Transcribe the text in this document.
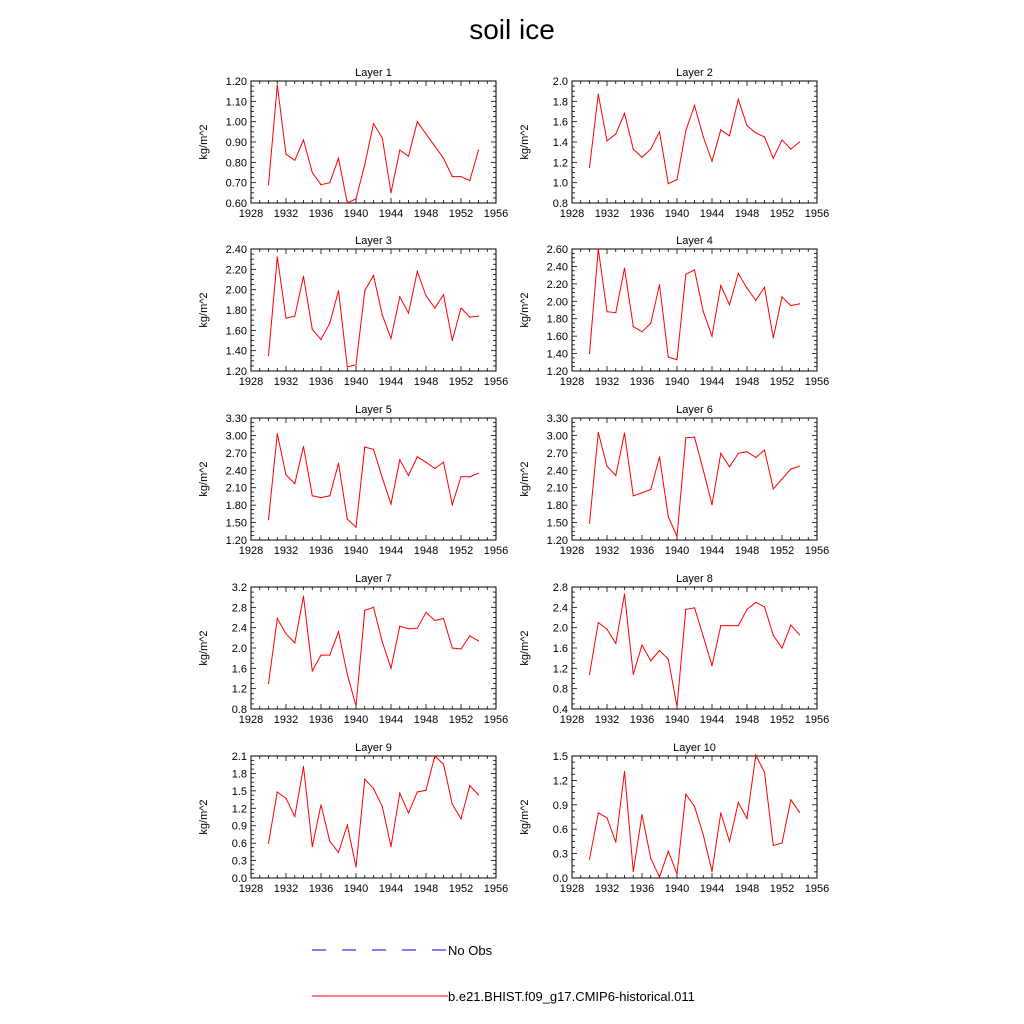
soil ice
Layer 1
kg/m^2
1928 1932 1936 1940 1944 1948 1952 1956
0.60
0.70
0.80
0.90
1.00
1.10
1.20
Layer 2
kg/m^2
1928 1932 1936 1940 1944 1948 1952 1956
0.8
1.0
1.2
1.4
1.6
1.8
2.0
Layer 3
kg/m^2
1928 1932 1936 1940 1944 1948 1952 1956
1.20
1.40
1.60
1.80
2.00
2.20
2.40
Layer 4
kg/m^2
1928 1932 1936 1940 1944 1948 1952 1956
1.20
1.40
1.60
1.80
2.00
2.20
2.40
2.60
Layer 5
kg/m^2
1928 1932 1936 1940 1944 1948 1952 1956
1.20
1.50
1.80
2.10
2.40
2.70
3.00
3.30
Layer 6
kg/m^2
1928 1932 1936 1940 1944 1948 1952 1956
1.20
1.50
1.80
2.10
2.40
2.70
3.00
3.30
Layer 7
kg/m^2
1928 1932 1936 1940 1944 1948 1952 1956
0.8
1.2
1.6
2.0
2.4
2.8
3.2
Layer 8
kg/m^2
1928 1932 1936 1940 1944 1948 1952 1956
0.4
0.8
1.2
1.6
2.0
2.4
2.8
Layer 9
kg/m^2
1928 1932 1936 1940 1944 1948 1952 1956
0.0
0.3
0.6
0.9
1.2
1.5
1.8
2.1
Layer 10
kg/m^2
1928 1932 1936 1940 1944 1948 1952 1956
0.0
0.3
0.6
0.9
1.2
1.5
No Obs
b.e21.BHIST.f09_g17.CMIP6-historical.011
